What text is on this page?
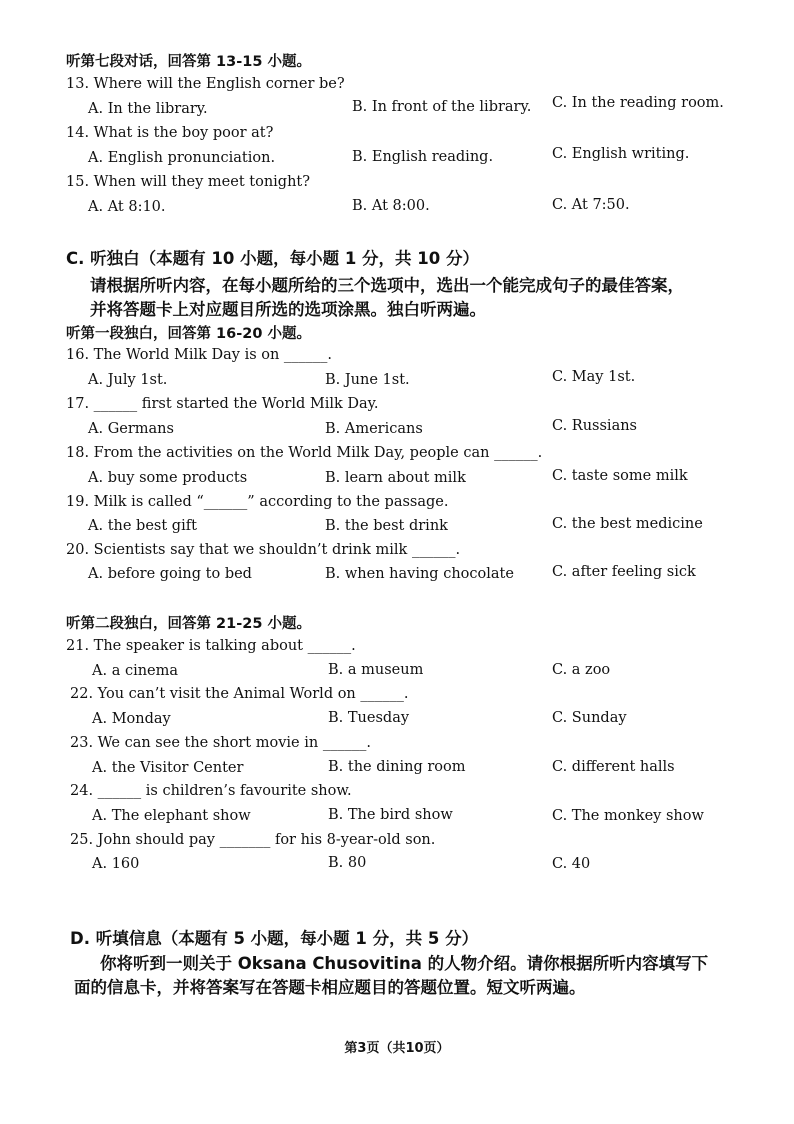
听第七段对话，回答第 13-15 小题。
13. Where will the English corner be?
A. In the library.	B. In front of the library. C. In the reading room.
14. What is the boy poor at?
A. English pronunciation.	B. English reading.	C. English writing.
15. When will they meet tonight?
A. At 8:10.	B. At 8:00.	C. At 7:50.
C. 听独白（本题有 10 小题，每小题 1 分，共 10 分）
请根据所听内容，在每小题所给的三个选项中，选出一个能完成句子的最佳答案，
并将答题卡上对应题目所选的选项涂黑。独白听两遍。
听第一段独白，回答第 16-20 小题。
16. The World Milk Day is on ______.
A. July 1st.	B. June 1st.	C. May 1st.
17. ______ first started the World Milk Day.
A. Germans	B. Americans	C. Russians
18. From the activities on the World Milk Day, people can ______.
A. buy some products	B. learn about milk	C. taste some milk
19. Milk is called “______” according to the passage.
A. the best gift	B. the best drink	C. the best medicine
20. Scientists say that we shouldn’t drink milk ______.
A. before going to bed	B. when having chocolate	C. after feeling sick
听第二段独白，回答第 21-25 小题。
21. The speaker is talking about ______.
A. a cinema	B. a museum	C. a zoo
22. You can’t visit the Animal World on ______.
A. Monday	B. Tuesday	C. Sunday
23. We can see the short movie in ______.
A. the Visitor Center	B. the dining room	C. different halls
24. ______ is children’s favourite show.
A. The elephant show	B. The bird show	C. The monkey show
25. John should pay _______ for his 8-year-old son.
A. 160	B. 80	C. 40
D. 听填信息（本题有 5 小题，每小题 1 分，共 5 分）
你将听到一则关于 Oksana Chusovitina 的人物介绍。请你根据所听内容填写下
面的信息卡，并将答案写在答题卡相应题目的答题位置。短文听两遍。
第3页（共10页）
